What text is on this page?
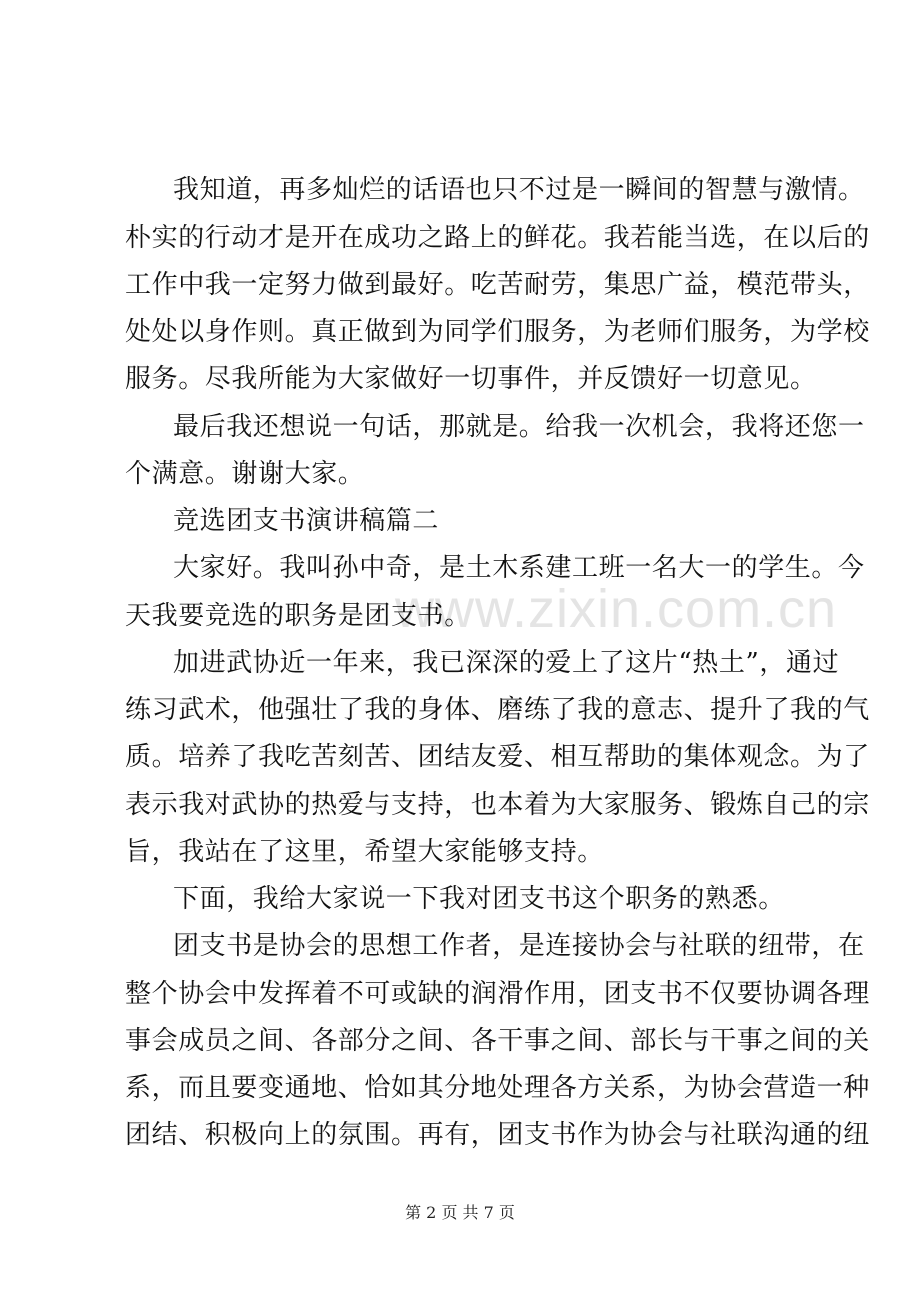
www.zixin.com.cn
我知道，再多灿烂的话语也只不过是一瞬间的智慧与激情。
朴实的行动才是开在成功之路上的鲜花。我若能当选，在以后的
工作中我一定努力做到最好。吃苦耐劳，集思广益，模范带头，
处处以身作则。真正做到为同学们服务，为老师们服务，为学校
服务。尽我所能为大家做好一切事件，并反馈好一切意见。
最后我还想说一句话，那就是。给我一次机会，我将还您一
个满意。谢谢大家。
竞选团支书演讲稿篇二
大家好。我叫孙中奇，是土木系建工班一名大一的学生。今
天我要竞选的职务是团支书。
加进武协近一年来，我已深深的爱上了这片“热土”，通过
练习武术，他强壮了我的身体、磨练了我的意志、提升了我的气
质。培养了我吃苦刻苦、团结友爱、相互帮助的集体观念。为了
表示我对武协的热爱与支持，也本着为大家服务、锻炼自己的宗
旨，我站在了这里，希望大家能够支持。
下面，我给大家说一下我对团支书这个职务的熟悉。
团支书是协会的思想工作者，是连接协会与社联的纽带，在
整个协会中发挥着不可或缺的润滑作用，团支书不仅要协调各理
事会成员之间、各部分之间、各干事之间、部长与干事之间的关
系，而且要变通地、恰如其分地处理各方关系，为协会营造一种
团结、积极向上的氛围。再有，团支书作为协会与社联沟通的纽
第 2 页 共 7 页
